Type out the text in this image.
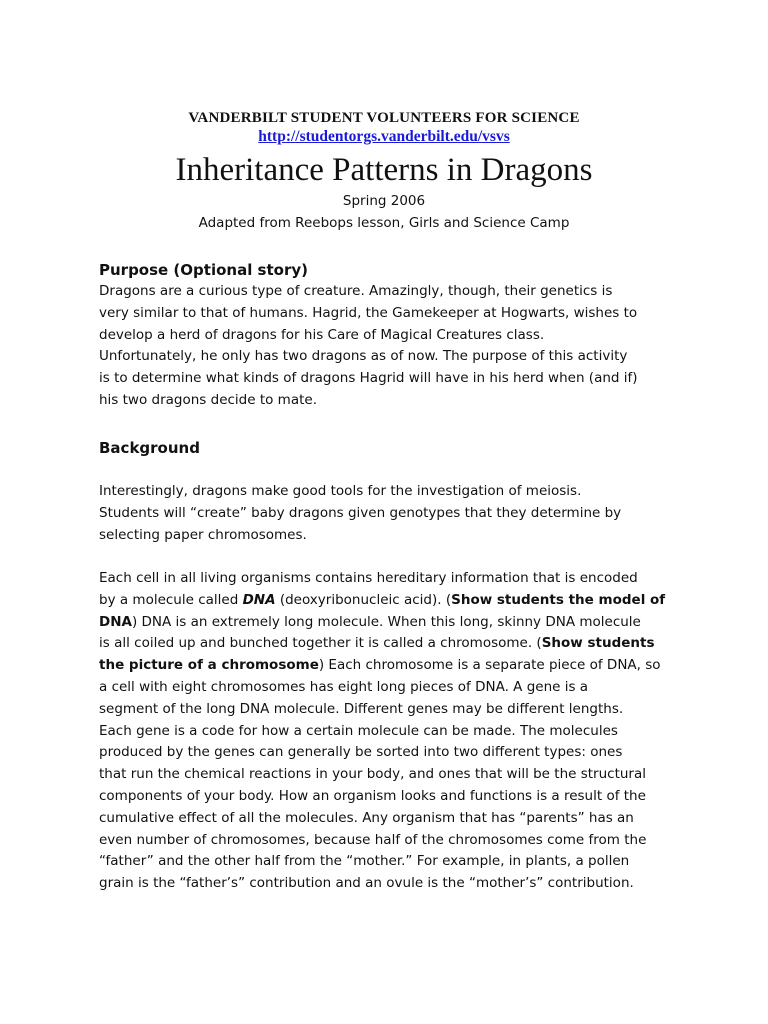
VANDERBILT STUDENT VOLUNTEERS FOR SCIENCE
http://studentorgs.vanderbilt.edu/vsvs
Inheritance Patterns in Dragons
Spring 2006
Adapted from Reebops lesson, Girls and Science Camp
Purpose (Optional story)
Dragons are a curious type of creature. Amazingly, though, their genetics is
very similar to that of humans. Hagrid, the Gamekeeper at Hogwarts, wishes to
develop a herd of dragons for his Care of Magical Creatures class.
Unfortunately, he only has two dragons as of now. The purpose of this activity
is to determine what kinds of dragons Hagrid will have in his herd when (and if)
his two dragons decide to mate.
Background
Interestingly, dragons make good tools for the investigation of meiosis.
Students will “create” baby dragons given genotypes that they determine by
selecting paper chromosomes.
Each cell in all living organisms contains hereditary information that is encoded
by a molecule called DNA (deoxyribonucleic acid). (Show students the model of
DNA) DNA is an extremely long molecule. When this long, skinny DNA molecule
is all coiled up and bunched together it is called a chromosome. (Show students
the picture of a chromosome) Each chromosome is a separate piece of DNA, so
a cell with eight chromosomes has eight long pieces of DNA. A gene is a
segment of the long DNA molecule. Different genes may be different lengths.
Each gene is a code for how a certain molecule can be made. The molecules
produced by the genes can generally be sorted into two different types: ones
that run the chemical reactions in your body, and ones that will be the structural
components of your body. How an organism looks and functions is a result of the
cumulative effect of all the molecules. Any organism that has “parents” has an
even number of chromosomes, because half of the chromosomes come from the
“father” and the other half from the “mother.” For example, in plants, a pollen
grain is the “father’s” contribution and an ovule is the “mother’s” contribution.
